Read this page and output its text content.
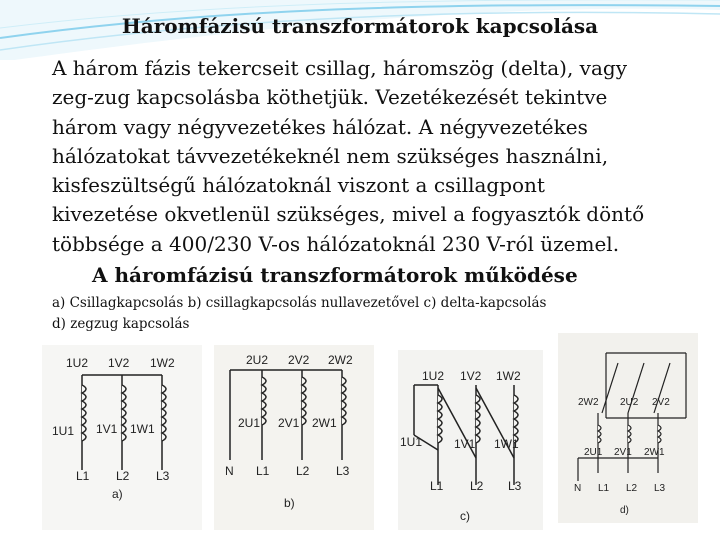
Háromfázisú transzformátorok kapcsolása
A három fázis tekercseit csillag, háromszög (delta), vagy
zeg-zug kapcsolásba köthetjük. Vezetékezését tekintve
három vagy négyvezetékes hálózat. A négyvezetékes
hálózatokat távvezetékeknél nem szükséges használni,
kisfeszültségű hálózatoknál viszont a csillagpont
kivezetése okvetlenül szükséges, mivel a fogyasztók döntő
többsége a 400/230 V-os hálózatoknál 230 V-ról üzemel.
A háromfázisú transzformátorok működése
a) Csillagkapcsolás b) csillagkapcsolás nullavezetővel c) delta-kapcsolás
d) zegzug kapcsolás
1U2 1V2 1W2
1U1 1V1 1W1
L1 L2 L3
a)
2U2 2V2 2W2
2U1 2V1 2W1
N L1 L2 L3
b)
1U2 1V2 1W2
1U1	1V1 1W1
L1 L2 L3
c)
2W2 2U2 2V2
2U1 2V1 2W1
N L1 L2 L3
d)
